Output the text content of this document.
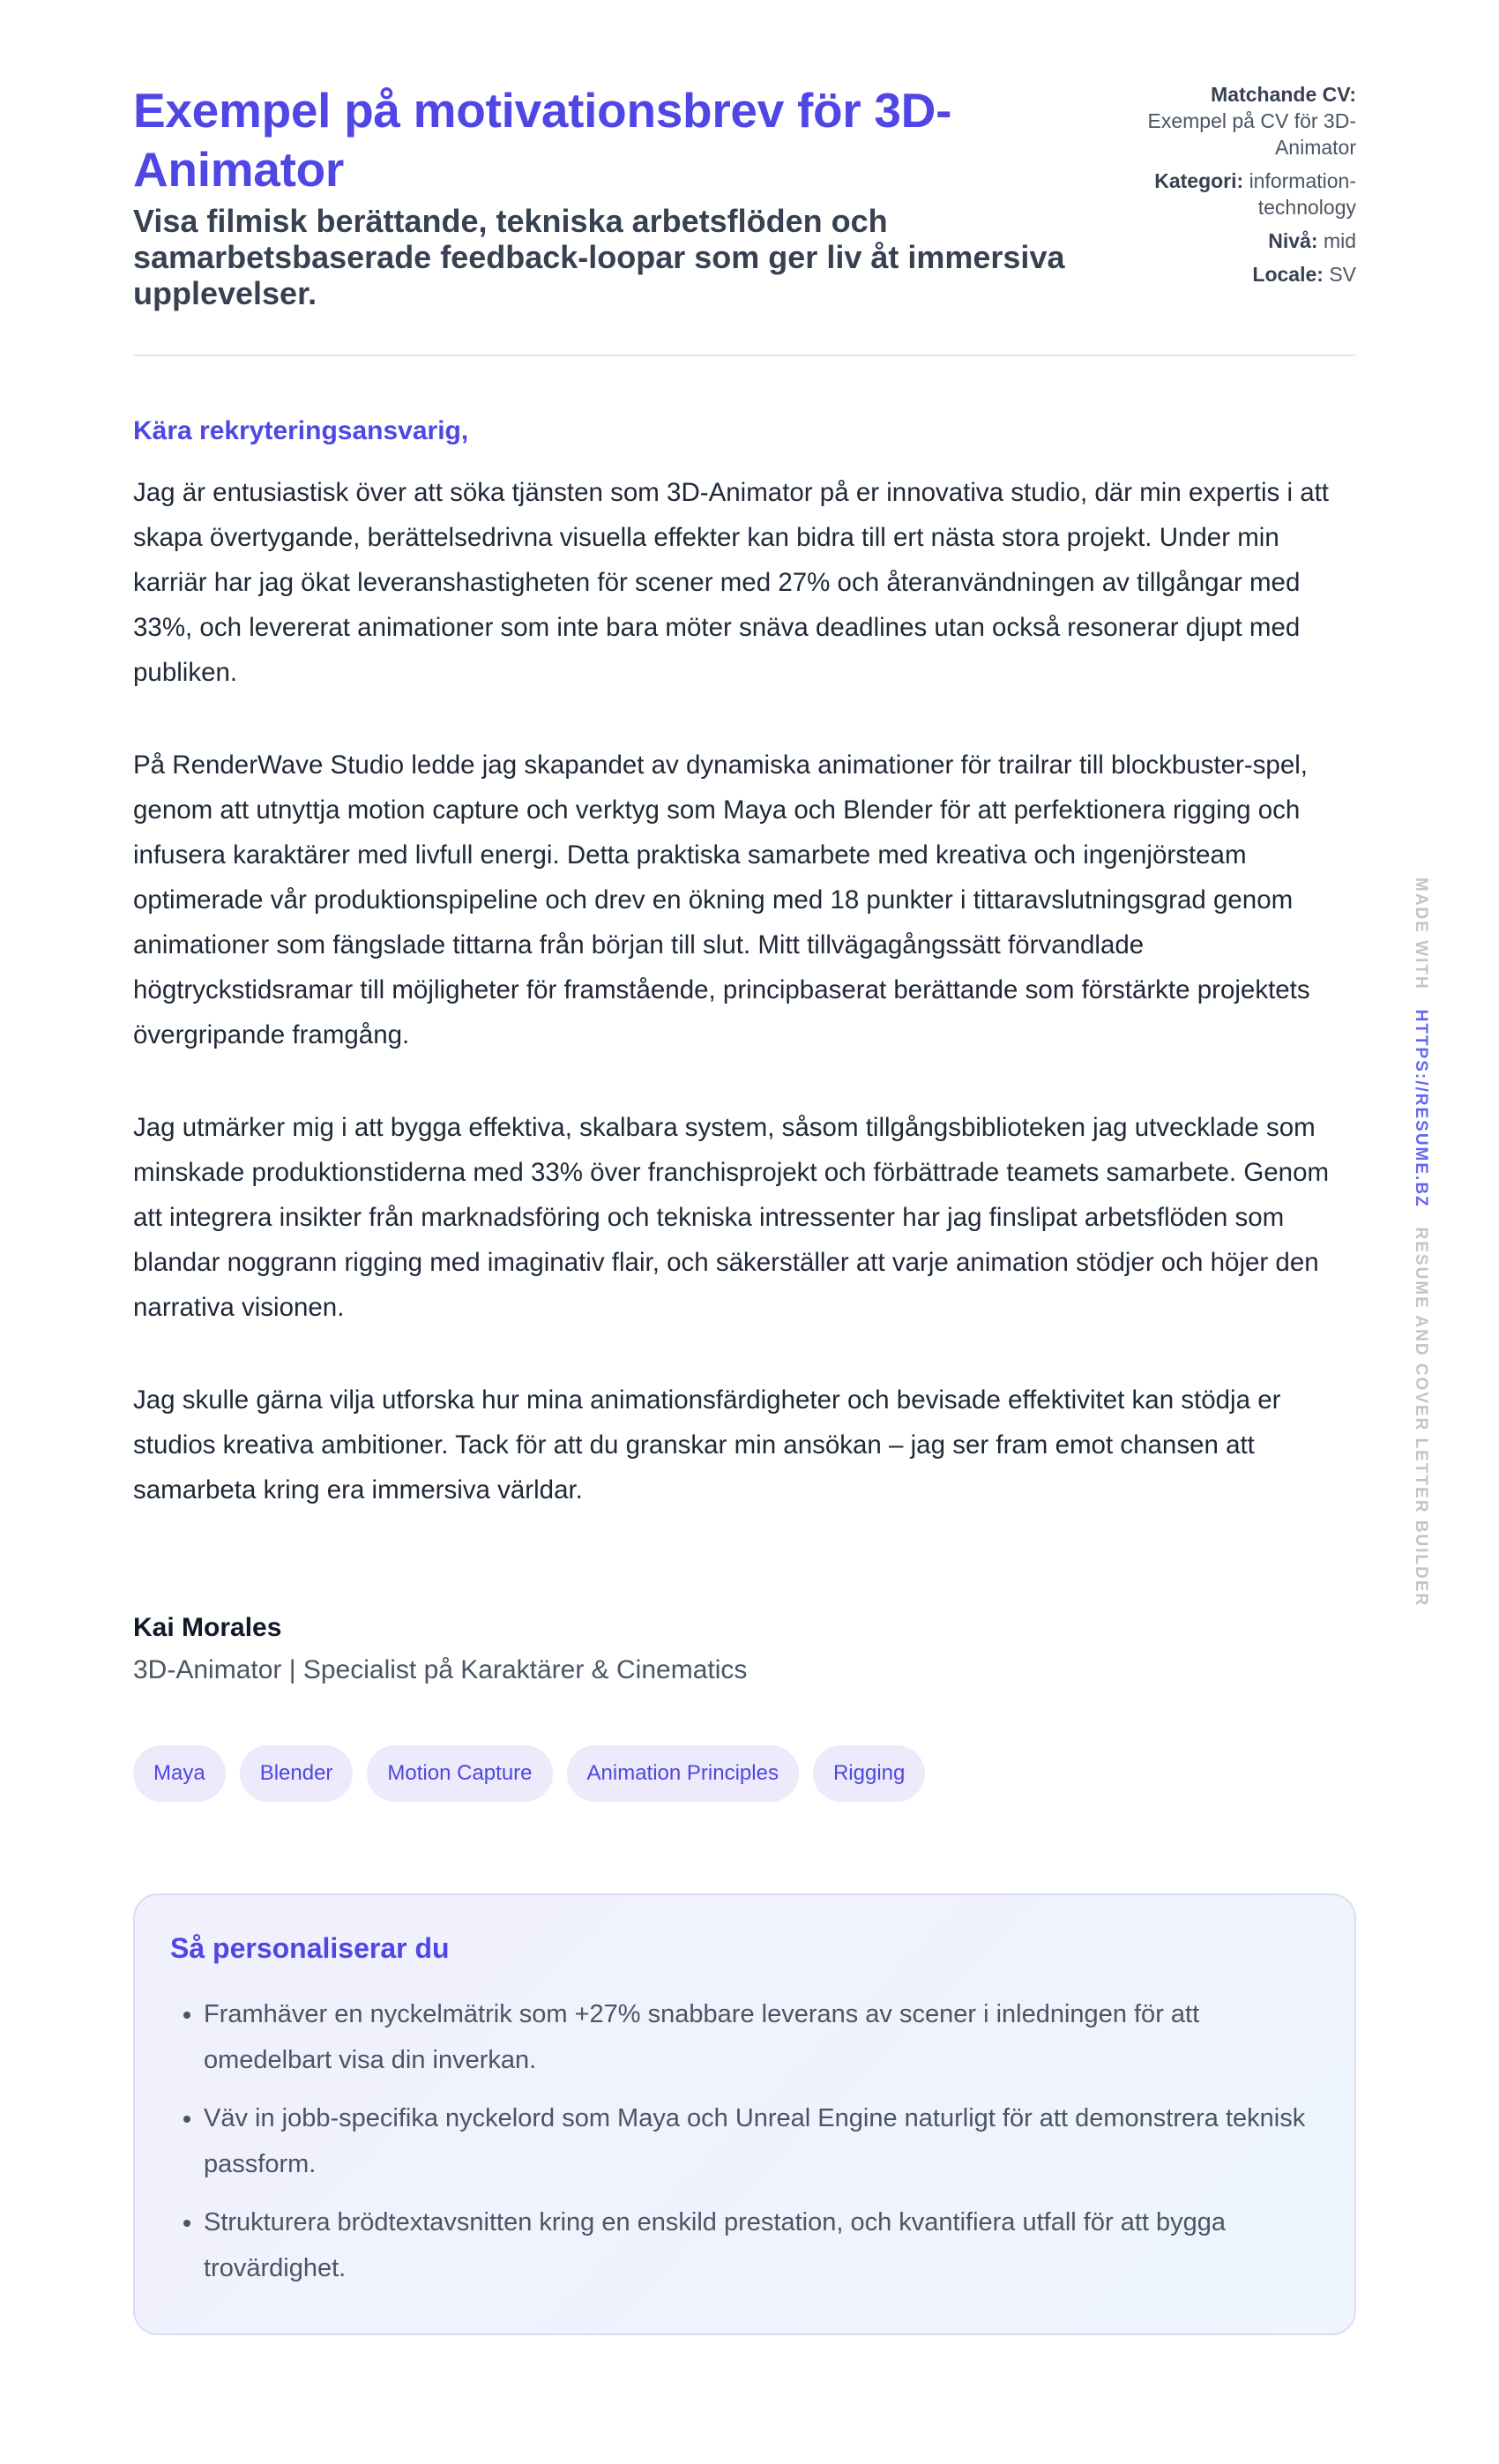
Exempel på motivationsbrev för 3D-Animator

Visa filmisk berättande, tekniska arbetsflöden och samarbetsbaserade feedback-loopar som ger liv åt immersiva upplevelser.

Matchande CV:
Exempel på CV för 3D-Animator
Kategori: information-technology
Nivå: mid
Locale: SV
Kära rekryteringsansvarig,

Jag är entusiastisk över att söka tjänsten som 3D-Animator på er innovativa studio, där min expertis i att skapa övertygande, berättelsedrivna visuella effekter kan bidra till ert nästa stora projekt. Under min karriär har jag ökat leveranshastigheten för scener med 27% och återanvändningen av tillgångar med 33%, och levererat animationer som inte bara möter snäva deadlines utan också resonerar djupt med publiken.

På RenderWave Studio ledde jag skapandet av dynamiska animationer för trailrar till blockbuster-spel, genom att utnyttja motion capture och verktyg som Maya och Blender för att perfektionera rigging och infusera karaktärer med livfull energi. Detta praktiska samarbete med kreativa och ingenjörsteam optimerade vår produktionspipeline och drev en ökning med 18 punkter i tittaravslutningsgrad genom animationer som fängslade tittarna från början till slut. Mitt tillvägagångssätt förvandlade högtryckstidsramar till möjligheter för framstående, principbaserat berättande som förstärkte projektets övergripande framgång.

Jag utmärker mig i att bygga effektiva, skalbara system, såsom tillgångsbiblioteken jag utvecklade som minskade produktionstiderna med 33% över franchisprojekt och förbättrade teamets samarbete. Genom att integrera insikter från marknadsföring och tekniska intressenter har jag finslipat arbetsflöden som blandar noggrann rigging med imaginativ flair, och säkerställer att varje animation stödjer och höjer den narrativa visionen.

Jag skulle gärna vilja utforska hur mina animationsfärdigheter och bevisade effektivitet kan stödja er studios kreativa ambitioner. Tack för att du granskar min ansökan – jag ser fram emot chansen att samarbeta kring era immersiva världar.

Kai Morales
3D-Animator | Specialist på Karaktärer & Cinematics
Maya	Blender	Motion Capture	Animation Principles	Rigging
Så personaliserar du
• Framhäver en nyckelmätrik som +27% snabbare leverans av scener i inledningen för att omedelbart visa din inverkan.
• Väv in jobb-specifika nyckelord som Maya och Unreal Engine naturligt för att demonstrera teknisk passform.
• Strukturera brödtextavsnitten kring en enskild prestation, och kvantifiera utfall för att bygga trovärdighet.
MADE WITH   HTTPS://RESUME.BZ   RESUME AND COVER LETTER BUILDER
